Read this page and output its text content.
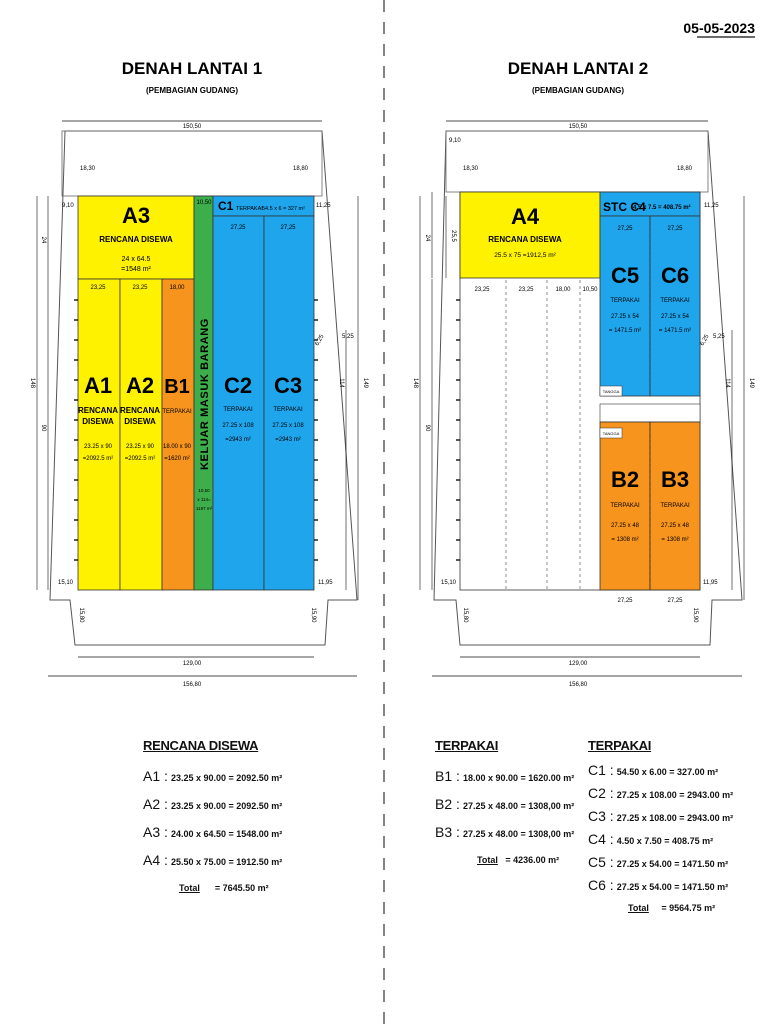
05-05-2023
DENAH LANTAI 1
(PEMBAGIAN GUDANG)
150,50
18,30	18,80
A3
RENCANA DISEWA
24 x 64.5
=1548 m²
23,25	23,25	18,00
10,50
27,25	27,25
A1
RENCANA
DISEWA
23.25 x 90
=2092.5 m²
A2
RENCANA
DISEWA
23.25 x 90
=2092.5 m²
B1
TERPAKAI
18.00 x 90
=1620 m² KELUAR MASUK BARANG
10,50
x 114=
1197 m²
C1 TERPAKAI 54.5 x 6 = 327 m²
C2
TERPAKAI
27.25 x 108
=2943 m²
C3
TERPAKAI
27.25 x 108
=2943 m²
9,10	11,25
24
90
148	149
114
6,25	5,25
15,10	11,95
15,80	15,90
129,00
156,80
DENAH LANTAI 2
(PEMBAGIAN GUDANG)
150,50
18,30	18,80
9,10
11,25
A4
RENCANA DISEWA
25.5 x 75 =1912,5 m²
STC C4
4.5 x 7.5 = 408.75 m²
23,25	23,25	18,00 10,50
27,25	27,25
C5
TERPAKAI
27.25 x 54
= 1471.5 m²
C6
TERPAKAI
27.25 x 54
= 1471.5 m²
TANGGA
TANGGA
B2
TERPAKAI
27.25 x 48
= 1308 m²
B3
TERPAKAI
27.25 x 48
= 1308 m²
27,25	27,25
24	25,5
90
148	149
114
6,25 5,25
15,10	11,95
15,80	15,90
129,00
156,80
RENCANA DISEWA
A1 : 23.25 x 90.00 = 2092.50 m²
A2 : 23.25 x 90.00 = 2092.50 m²
A3 : 24.00 x 64.50 = 1548.00 m²
A4 : 25.50 x 75.00 = 1912.50 m²
Total = 7645.50 m²
TERPAKAI
B1 : 18.00 x 90.00 = 1620.00 m²
B2 : 27.25 x 48.00 = 1308,00 m²
B3 : 27.25 x 48.00 = 1308,00 m²
Total = 4236.00 m²
TERPAKAI
C1 : 54.50 x 6.00 = 327.00 m²
C2 : 27.25 x 108.00 = 2943.00 m²
C3 : 27.25 x 108.00 = 2943.00 m²
C4 : 4.50 x 7.50 = 408.75 m²
C5 : 27.25 x 54.00 = 1471.50 m²
C6 : 27.25 x 54.00 = 1471.50 m²
Total = 9564.75 m²
